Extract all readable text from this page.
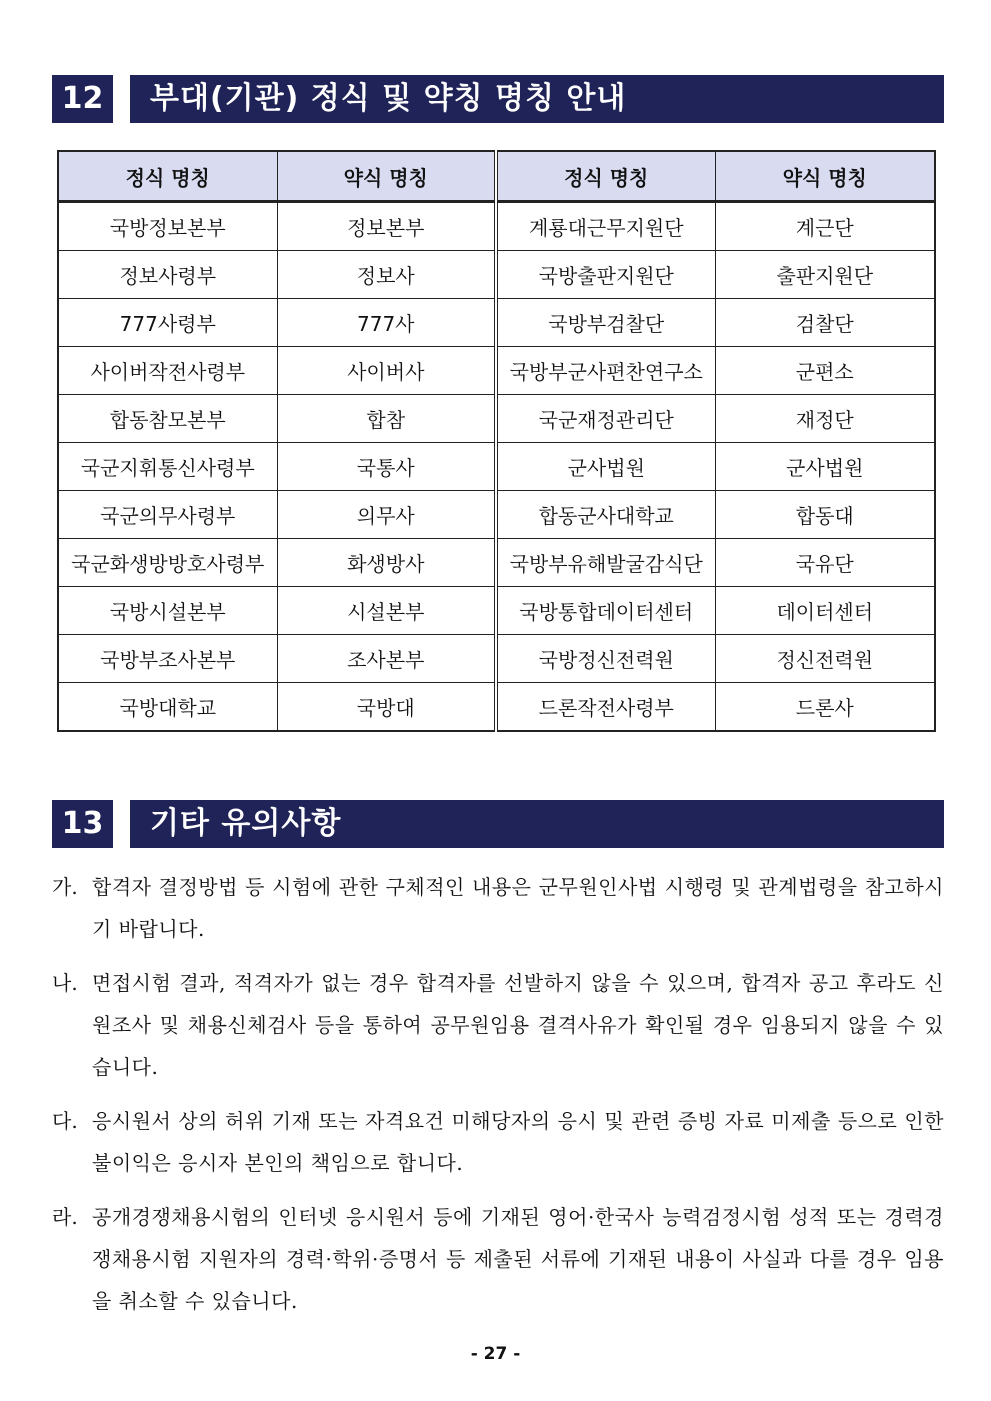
12	부대(기관) 정식 및 약칭 명칭 안내
정식 명칭	약식 명칭	정식 명칭	약식 명칭
국방정보본부	정보본부	계룡대근무지원단	계근단
정보사령부	정보사	국방출판지원단	출판지원단
777사령부	777사	국방부검찰단	검찰단
사이버작전사령부	사이버사	국방부군사편찬연구소	군편소
합동참모본부	합참	국군재정관리단	재정단
국군지휘통신사령부	국통사	군사법원	군사법원
국군의무사령부	의무사	합동군사대학교	합동대
국군화생방방호사령부	화생방사	국방부유해발굴감식단	국유단
국방시설본부	시설본부	국방통합데이터센터	데이터센터
국방부조사본부	조사본부	국방정신전력원	정신전력원
국방대학교	국방대	드론작전사령부	드론사
13	기타 유의사항
가. 합격자 결정방법 등 시험에 관한 구체적인 내용은 군무원인사법 시행령 및 관계법령을 참고하시기 바랍니다.
나. 면접시험 결과, 적격자가 없는 경우 합격자를 선발하지 않을 수 있으며, 합격자 공고 후라도 신원조사 및 채용신체검사 등을 통하여 공무원임용 결격사유가 확인될 경우 임용되지 않을 수 있습니다.
다. 응시원서 상의 허위 기재 또는 자격요건 미해당자의 응시 및 관련 증빙 자료 미제출 등으로 인한 불이익은 응시자 본인의 책임으로 합니다.
라. 공개경쟁채용시험의 인터넷 응시원서 등에 기재된 영어·한국사 능력검정시험 성적 또는 경력경쟁채용시험 지원자의 경력·학위·증명서 등 제출된 서류에 기재된 내용이 사실과 다를 경우 임용을 취소할 수 있습니다.
- 27 -
